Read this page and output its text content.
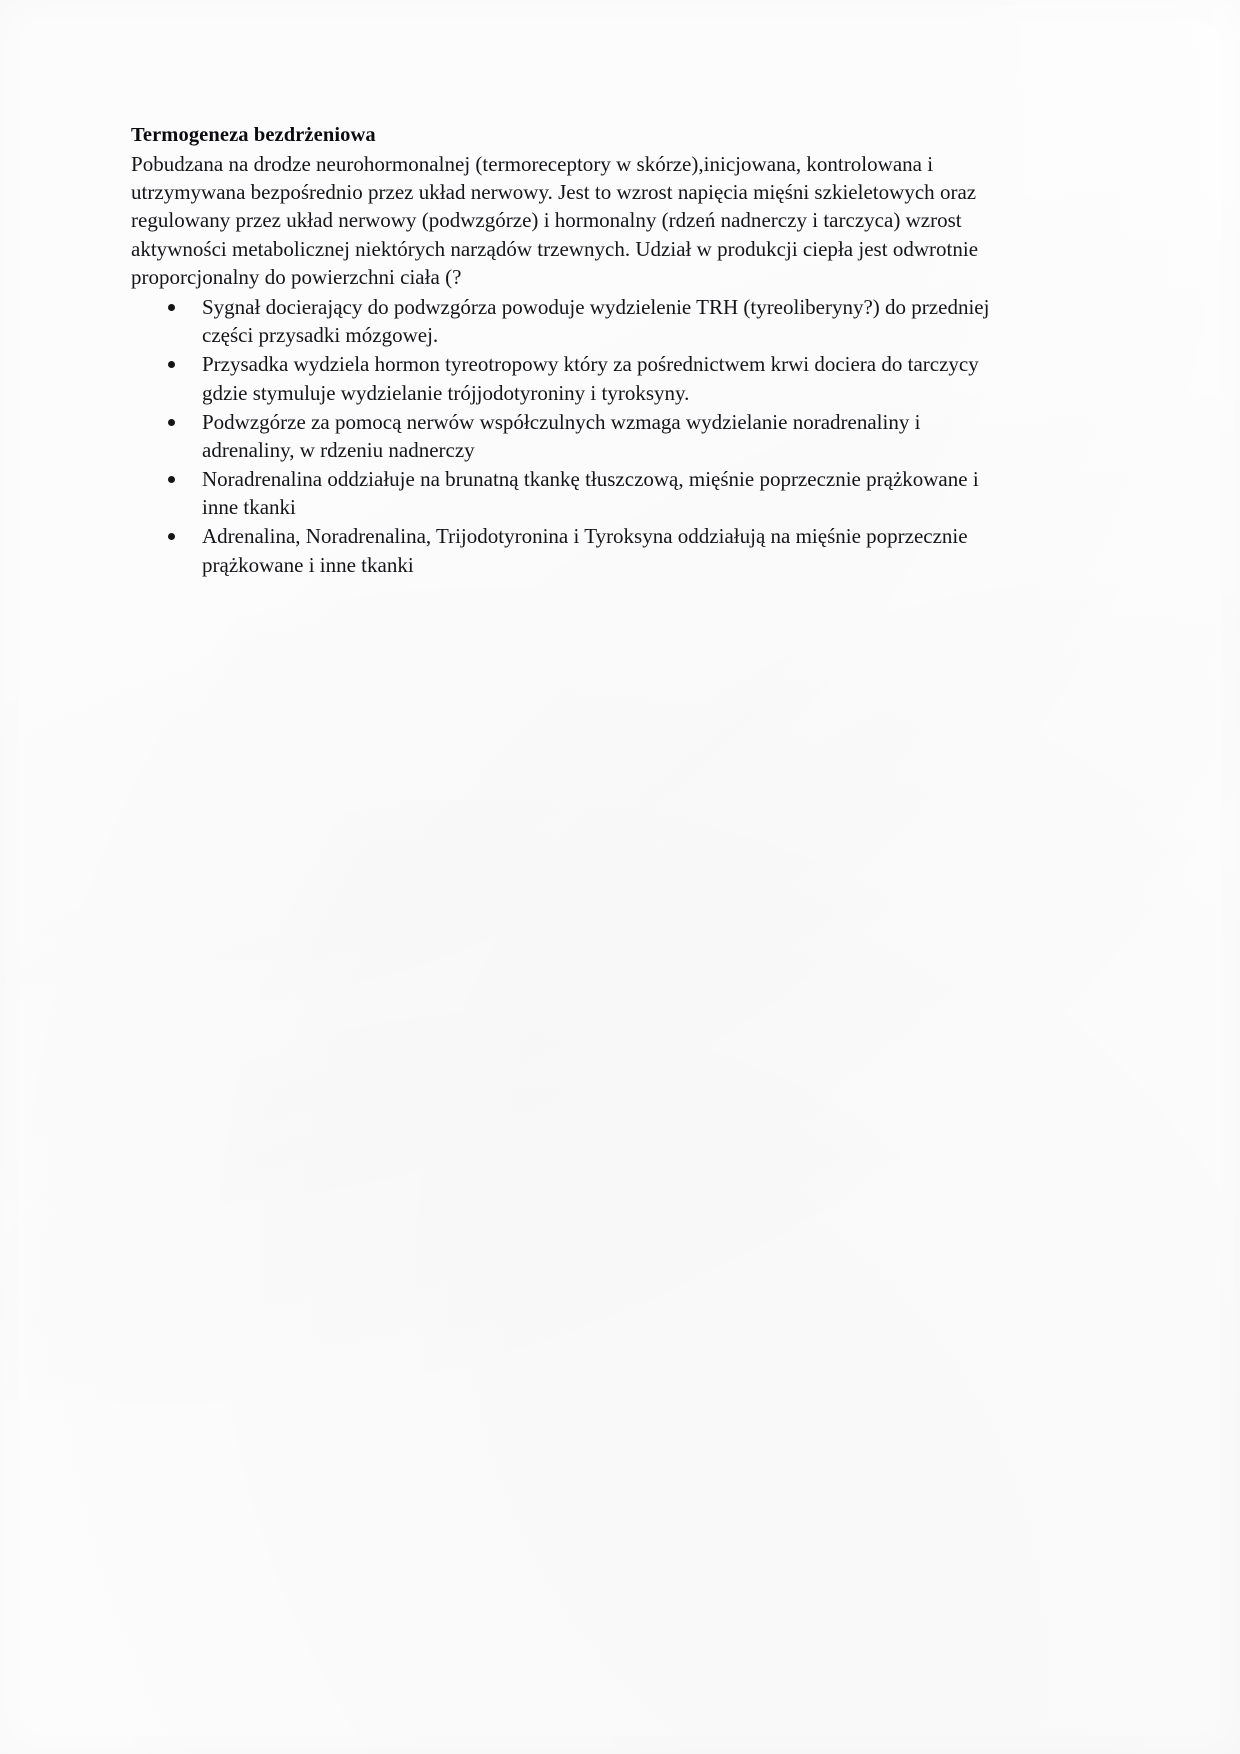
Termogeneza bezdrżeniowa

Pobudzana na drodze neurohormonalnej (termoreceptory w skórze),inicjowana, kontrolowana i utrzymywana bezpośrednio przez układ nerwowy. Jest to wzrost napięcia mięśni szkieletowych oraz regulowany przez układ nerwowy (podwzgórze) i hormonalny (rdzeń nadnerczy i tarczyca) wzrost aktywności metabolicznej niektórych narządów trzewnych. Udział w produkcji ciepła jest odwrotnie proporcjonalny do powierzchni ciała (?

Sygnał docierający do podwzgórza powoduje wydzielenie TRH (tyreoliberyny?) do przedniej części przysadki mózgowej.
Przysadka wydziela hormon tyreotropowy który za pośrednictwem krwi dociera do tarczycy gdzie stymuluje wydzielanie trójjodotyroniny i tyroksyny.
Podwzgórze za pomocą nerwów współczulnych wzmaga wydzielanie noradrenaliny i adrenaliny, w rdzeniu nadnerczy
Noradrenalina oddziałuje na brunatną tkankę tłuszczową, mięśnie poprzecznie prążkowane i inne tkanki
Adrenalina, Noradrenalina, Trijodotyronina i Tyroksyna oddziałują na mięśnie poprzecznie prążkowane i inne tkanki
